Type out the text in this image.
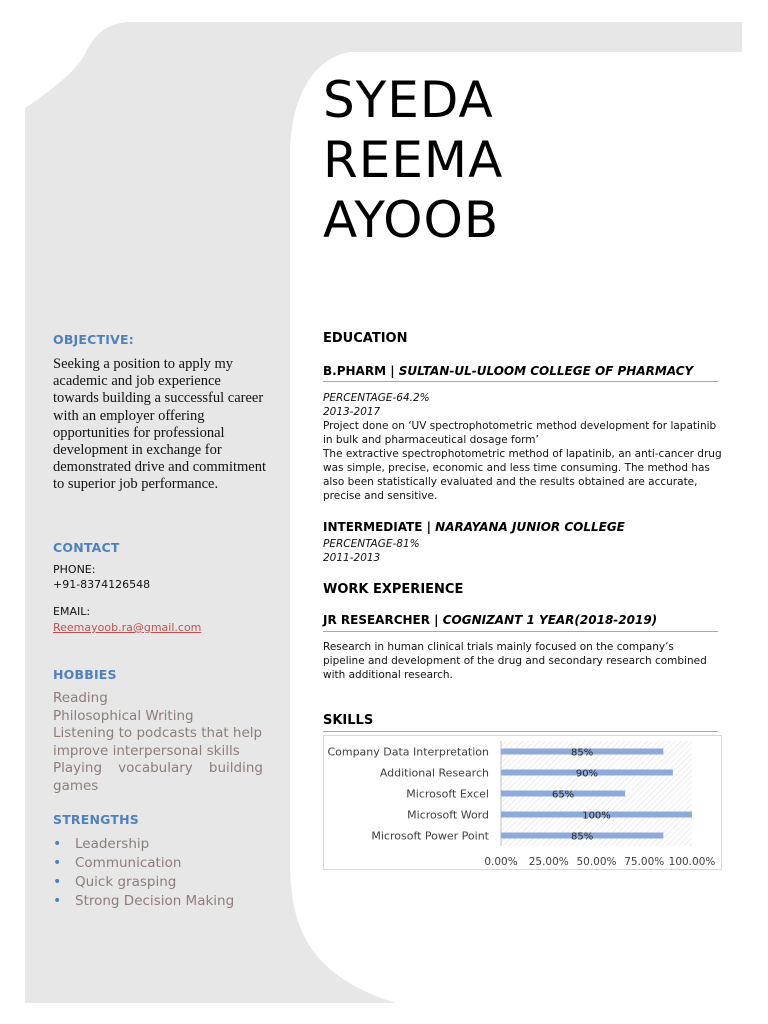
OBJECTIVE:
Seeking a position to apply my academic and job experience towards building a successful career with an employer offering opportunities for professional development in exchange for demonstrated drive and commitment to superior job performance.
CONTACT
PHONE:
+91-8374126548
EMAIL:
Reemayoob.ra@gmail.com
HOBBIES
Reading
Philosophical Writing
Listening to podcasts that help
improve interpersonal skills
Playing vocabulary building
games
STRENGTHS
• Leadership
• Communication
• Quick grasping
• Strong Decision Making
SYEDA
REEMA
AYOOB
EDUCATION
B.PHARM | SULTAN-UL-ULOOM COLLEGE OF PHARMACY
PERCENTAGE-64.2%
2013-2017
Project done on ‘UV spectrophotometric method development for lapatinib in bulk and pharmaceutical dosage form’
The extractive spectrophotometric method of lapatinib, an anti-cancer drug was simple, precise, economic and less time consuming. The method has also been statistically evaluated and the results obtained are accurate, precise and sensitive.
INTERMEDIATE | NARAYANA JUNIOR COLLEGE
PERCENTAGE-81%
2011-2013
WORK EXPERIENCE
JR RESEARCHER | COGNIZANT 1 YEAR(2018-2019)
Research in human clinical trials mainly focused on the company’s pipeline and development of the drug and secondary research combined with additional research.
SKILLS
Company Data Interpretation	85%
Additional Research	90%
Microsoft Excel	65%
Microsoft Word	100%
Microsoft Power Point	85%
0.00% 25.00% 50.00% 75.00% 100.00%
